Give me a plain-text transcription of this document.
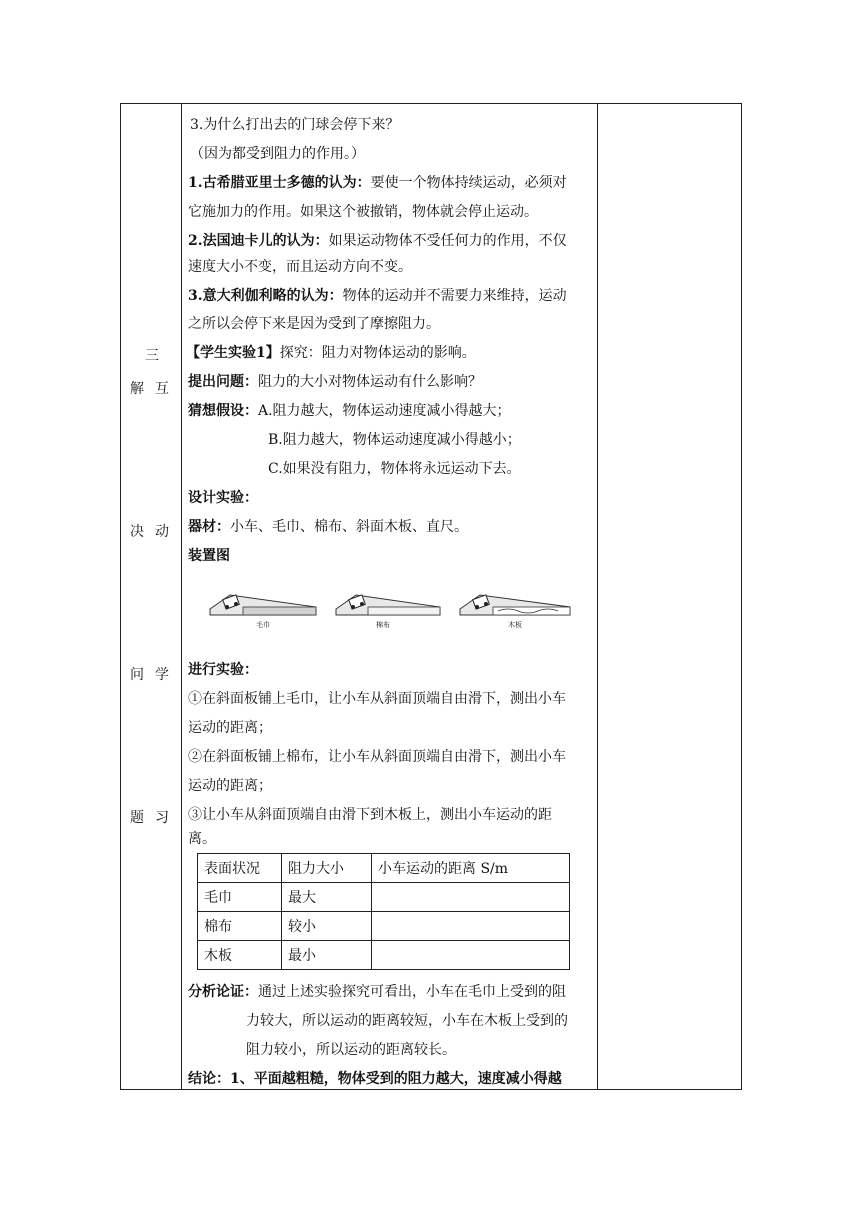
三
解 互
决 动
问 学
题 习
3.为什么打出去的门球会停下来？
（因为都受到阻力的作用。）
1.古希腊亚里士多德的认为：要使一个物体持续运动，必须对
它施加力的作用。如果这个被撤销，物体就会停止运动。
2.法国迪卡儿的认为：如果运动物体不受任何力的作用，不仅
速度大小不变，而且运动方向不变。
3.意大利伽利略的认为：物体的运动并不需要力来维持，运动
之所以会停下来是因为受到了摩擦阻力。
【学生实验1】探究：阻力对物体运动的影响。
提出问题：阻力的大小对物体运动有什么影响？
猜想假设：A.阻力越大，物体运动速度减小得越大；
B.阻力越大，物体运动速度减小得越小；
C.如果没有阻力，物体将永远运动下去。
设计实验：
器材：小车、毛巾、棉布、斜面木板、直尺。
装置图
毛巾	棉布	木板
进行实验：
①在斜面板铺上毛巾，让小车从斜面顶端自由滑下，测出小车
运动的距离；
②在斜面板铺上棉布，让小车从斜面顶端自由滑下，测出小车
运动的距离；
③让小车从斜面顶端自由滑下到木板上，测出小车运动的距
离。
表面状况	阻力大小	小车运动的距离 S/m
毛巾	最大	
棉布	较小	
木板	最小	
分析论证：通过上述实验探究可看出，小车在毛巾上受到的阻
力较大，所以运动的距离较短，小车在木板上受到的
阻力较小，所以运动的距离较长。
结论：1、平面越粗糙，物体受到的阻力越大，速度减小得越
